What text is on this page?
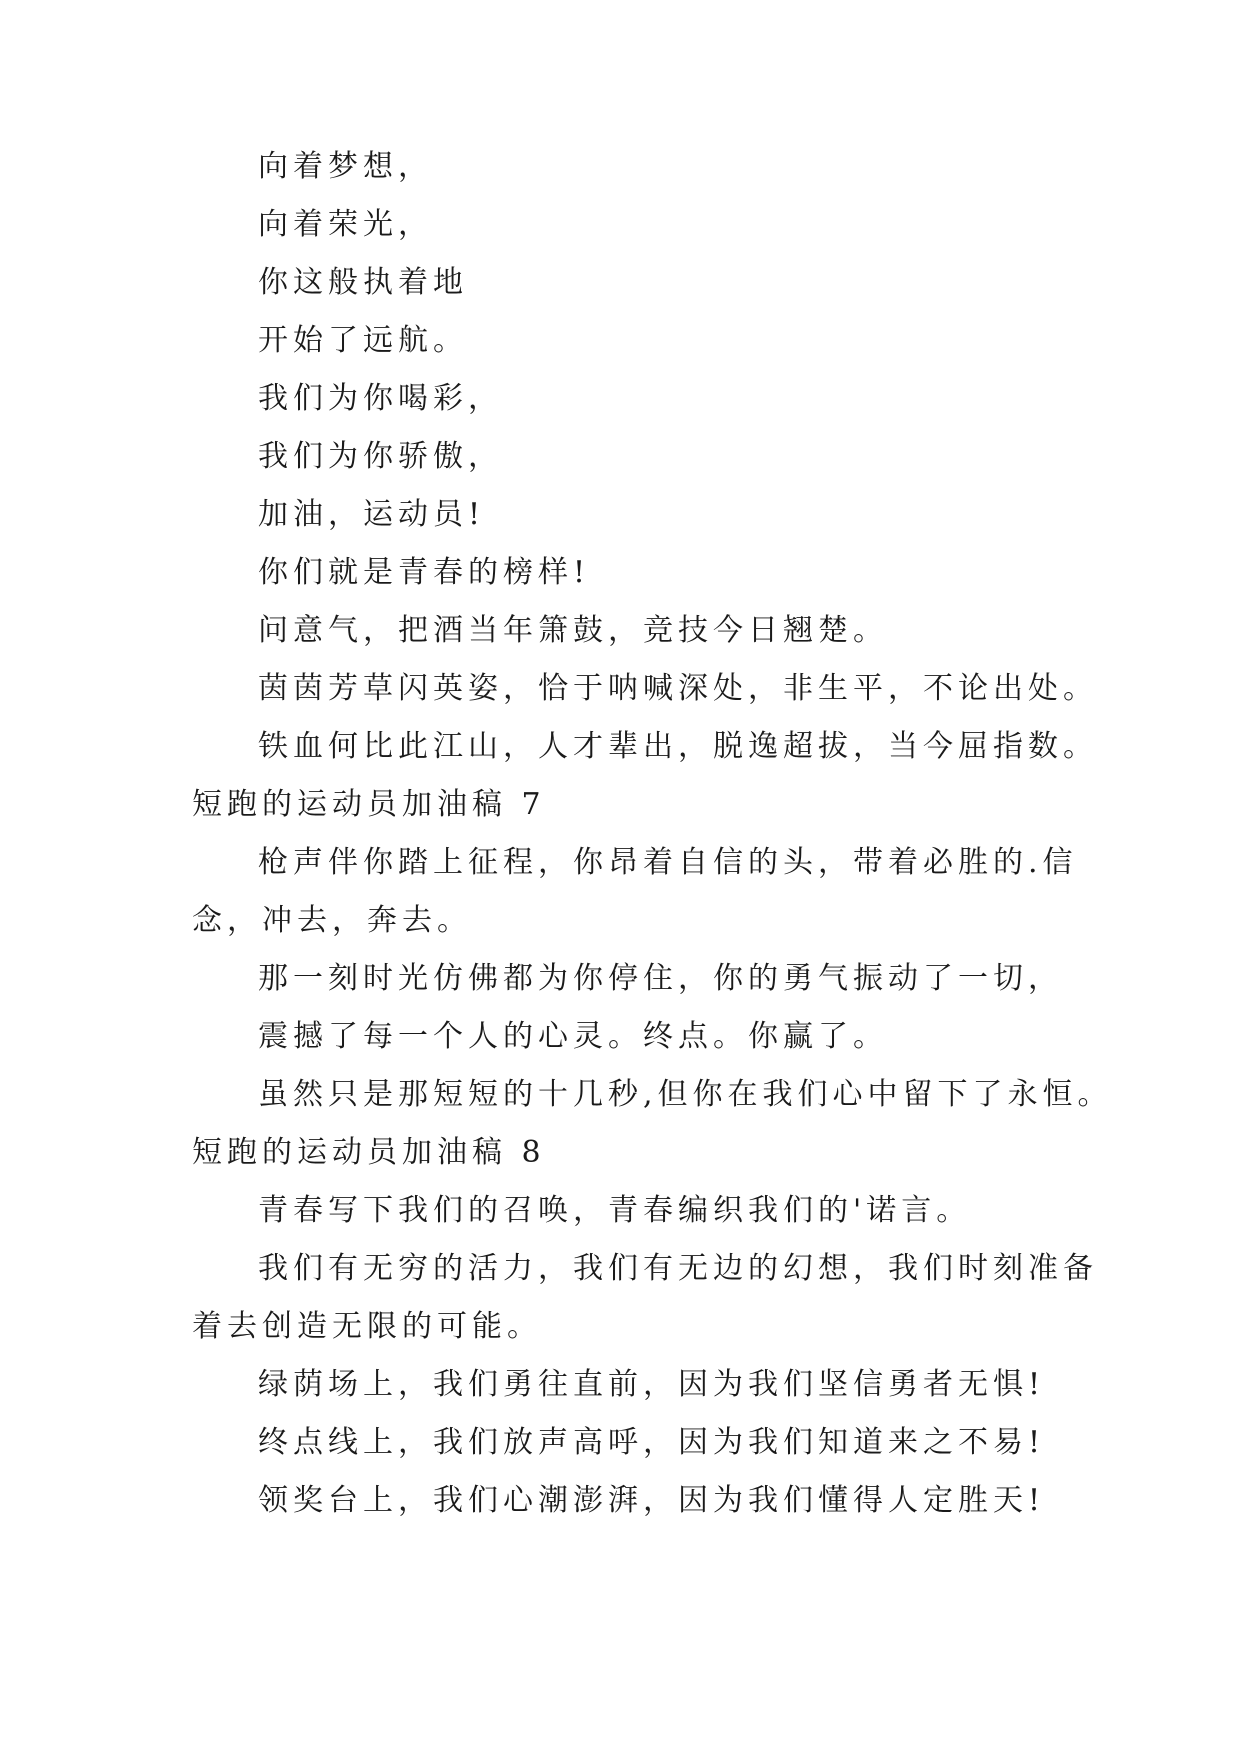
向着梦想，
向着荣光，
你这般执着地
开始了远航。
我们为你喝彩，
我们为你骄傲，
加油，运动员!
你们就是青春的榜样!
问意气，把酒当年箫鼓，竞技今日翘楚。
茵茵芳草闪英姿，恰于呐喊深处，非生平，不论出处。
铁血何比此江山，人才辈出，脱逸超拔，当今屈指数。
短跑的运动员加油稿 7
枪声伴你踏上征程，你昂着自信的头，带着必胜的.信
念，冲去，奔去。
那一刻时光仿佛都为你停住，你的勇气振动了一切，
震撼了每一个人的心灵。终点。你赢了。
虽然只是那短短的十几秒,但你在我们心中留下了永恒。
短跑的运动员加油稿 8
青春写下我们的召唤，青春编织我们的'诺言。
我们有无穷的活力，我们有无边的幻想，我们时刻准备
着去创造无限的可能。
绿荫场上，我们勇往直前，因为我们坚信勇者无惧!
终点线上，我们放声高呼，因为我们知道来之不易!
领奖台上，我们心潮澎湃，因为我们懂得人定胜天!
